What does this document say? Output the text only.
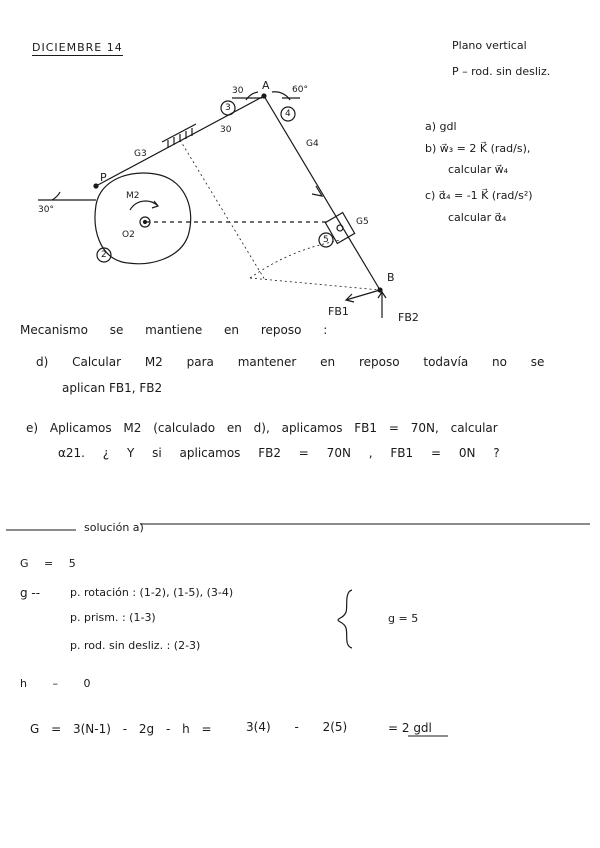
DICIEMBRE 14	Plano vertical
P – rod. sin desliz.
a) gdl
b) w⃗₃ = 2 K⃗ (rad/s),
calcular w⃗₄
c) α⃗₄ = -1 K⃗ (rad/s²)
calcular α⃗₄
A
B
P
G3
G4
G5
M2
O2
30°
30
30
60°
3
4
5
2
FB1	FB2
Mecanismo se mantiene en reposo :
d) Calcular M2 para mantener en reposo todavía no se
aplican FB1, FB2
e) Aplicamos M2 (calculado en d), aplicamos FB1 = 70N, calcular
α21. ¿ Y si aplicamos FB2 = 70N , FB1 = 0N ?
solución a)
G = 5
g --	p. rotación : (1-2), (1-5), (3-4)
p. prism. : (1-3)
p. rod. sin desliz. : (2-3)
g = 5
h – 0
G = 3(N-1) - 2g - h =	3(4) - 2(5)	= 2 gdl
